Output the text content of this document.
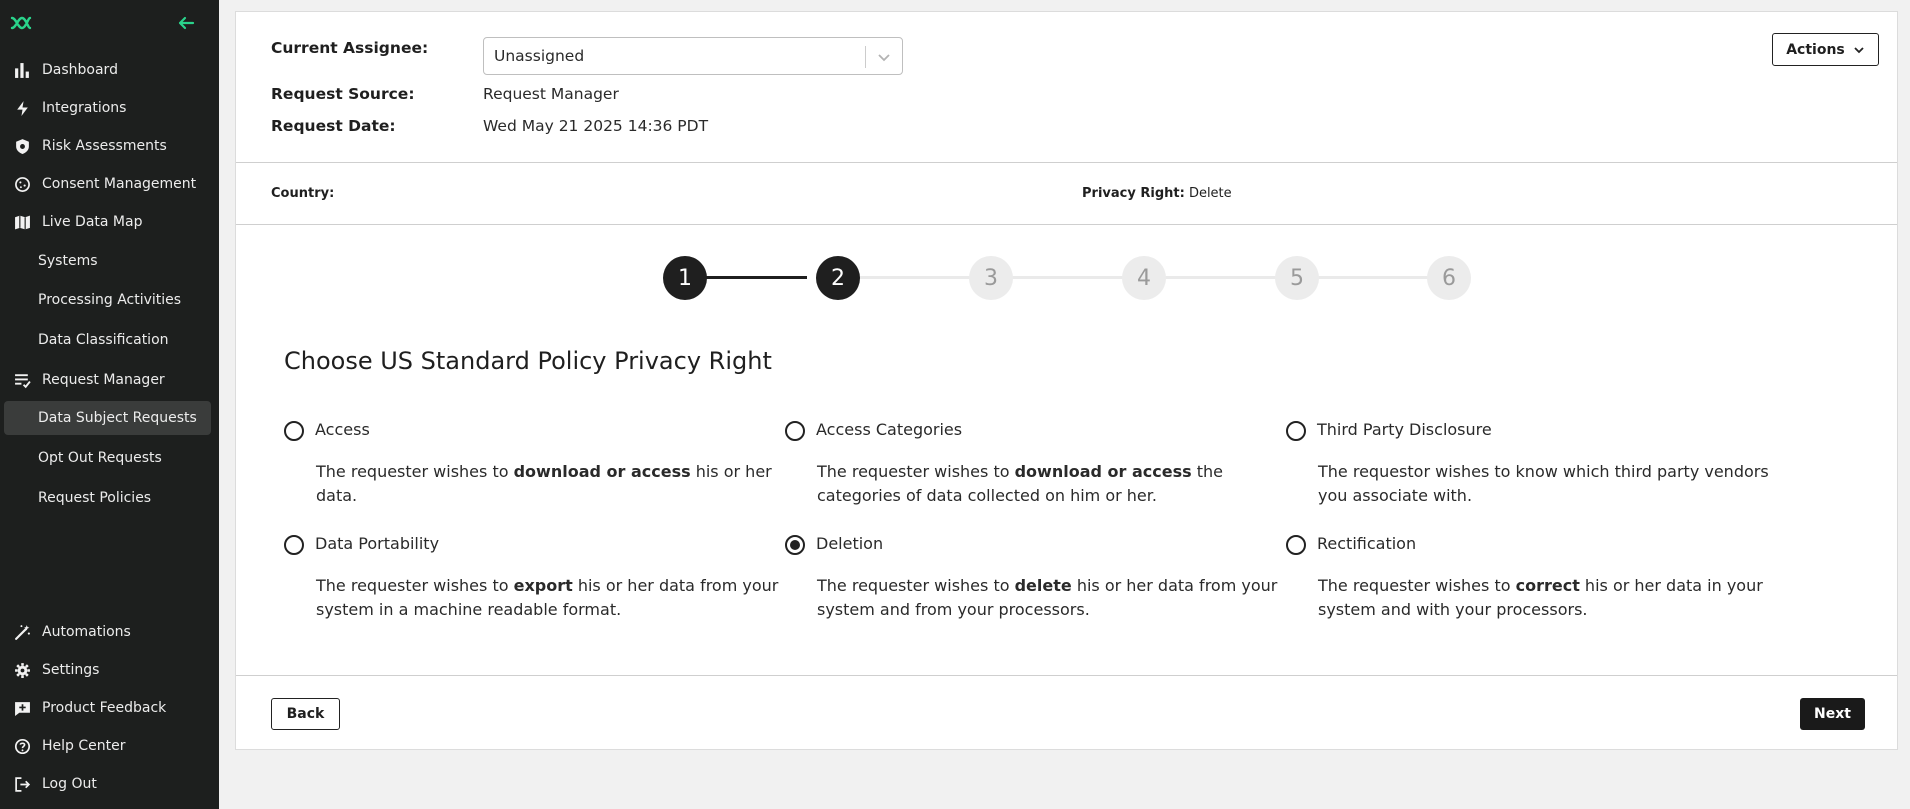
Dashboard
Integrations
Risk Assessments
Consent Management
Live Data Map
Systems
Processing Activities
Data Classification
Request Manager
Data Subject Requests
Opt Out Requests
Request Policies
Automations
Settings
Product Feedback
Help Center
Log Out
Current Assignee:	Unassigned
Request Source:	Request Manager
Request Date:	Wed May 21 2025 14:36 PDT
Actions
Country:	Privacy Right: Delete
1	2	3	4	5	6
Choose US Standard Policy Privacy Right
Access
The requester wishes to download or access his or her data.
Access Categories
The requester wishes to download or access the categories of data collected on him or her.
Third Party Disclosure
The requestor wishes to know which third party vendors you associate with.
Data Portability
The requester wishes to export his or her data from your system in a machine readable format.
Deletion
The requester wishes to delete his or her data from your system and from your processors.
Rectification
The requester wishes to correct his or her data in your system and with your processors.
Back	Next
